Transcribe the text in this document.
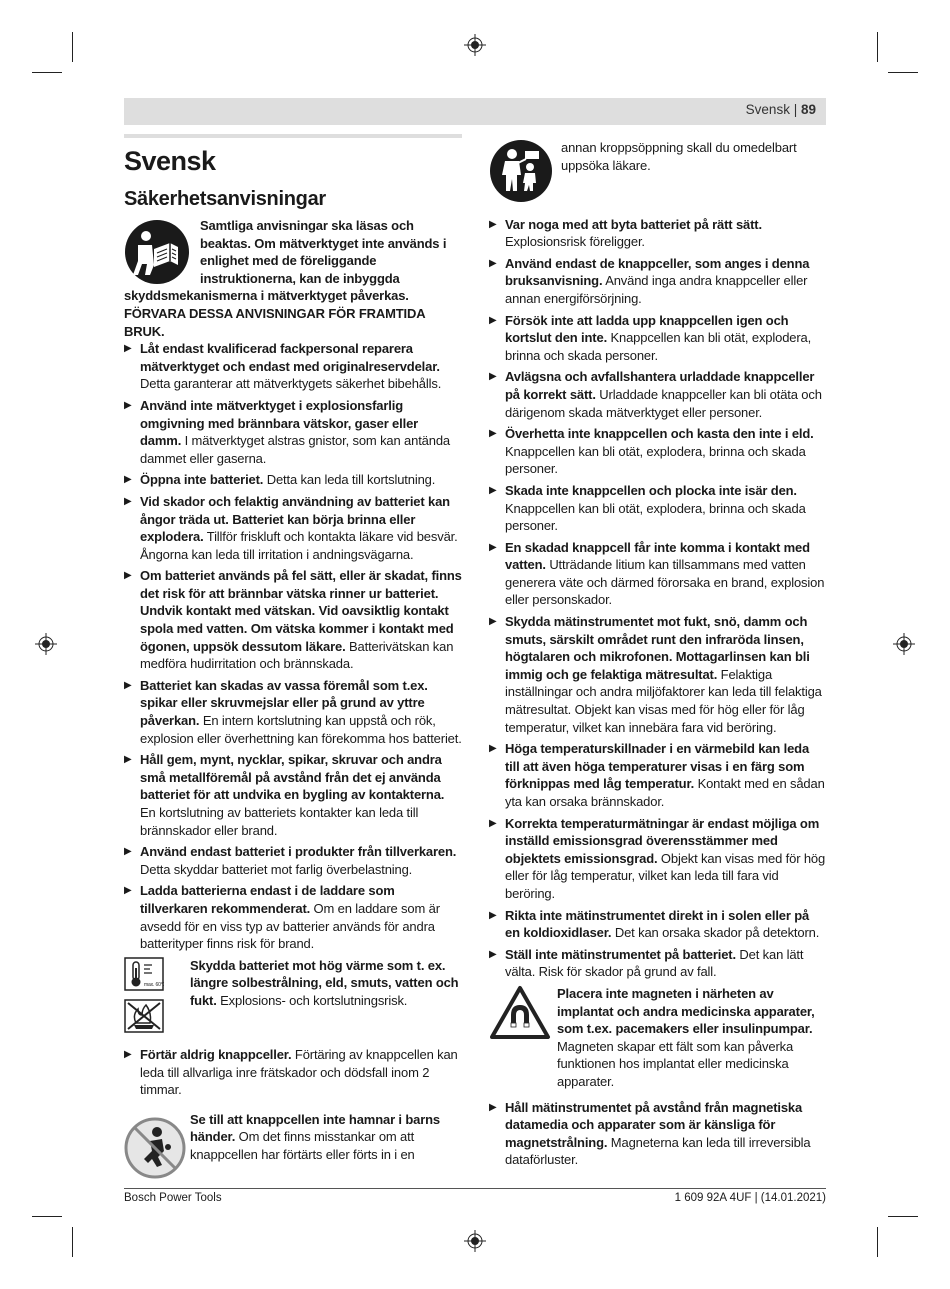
Svensk | 89
Svensk
Säkerhetsanvisningar
Samtliga anvisningar ska läsas och beaktas. Om mätverktyget inte används i enlighet med de föreliggande instruktionerna, kan de inbyggda skyddsmekanismerna i mätverktyget påverkas. FÖRVARA DESSA ANVISNINGAR FÖR FRAMTIDA BRUK.
▶ Låt endast kvalificerad fackpersonal reparera mätverktyget och endast med originalreservdelar. Detta garanterar att mätverktygets säkerhet bibehålls.
▶ Använd inte mätverktyget i explosionsfarlig omgivning med brännbara vätskor, gaser eller damm. I mätverktyget alstras gnistor, som kan antända dammet eller gaserna.
▶ Öppna inte batteriet. Detta kan leda till kortslutning.
▶ Vid skador och felaktig användning av batteriet kan ångor träda ut. Batteriet kan börja brinna eller explodera. Tillför friskluft och kontakta läkare vid besvär. Ångorna kan leda till irritation i andningsvägarna.
▶ Om batteriet används på fel sätt, eller är skadat, finns det risk för att brännbar vätska rinner ur batteriet. Undvik kontakt med vätskan. Vid oavsiktlig kontakt spola med vatten. Om vätska kommer i kontakt med ögonen, uppsök dessutom läkare. Batterivätskan kan medföra hudirritation och brännskada.
▶ Batteriet kan skadas av vassa föremål som t.ex. spikar eller skruvmejslar eller på grund av yttre påverkan. En intern kortslutning kan uppstå och rök, explosion eller överhettning kan förekomma hos batteriet.
▶ Håll gem, mynt, nycklar, spikar, skruvar och andra små metallföremål på avstånd från det ej använda batteriet för att undvika en bygling av kontakterna. En kortslutning av batteriets kontakter kan leda till brännskador eller brand.
▶ Använd endast batteriet i produkter från tillverkaren. Detta skyddar batteriet mot farlig överbelastning.
▶ Ladda batterierna endast i de laddare som tillverkaren rekommenderat. Om en laddare som är avsedd för en viss typ av batterier används för andra batterityper finns risk för brand.
max. 60°C

Skydda batteriet mot hög värme som t. ex. längre solbestrålning, eld, smuts, vatten och fukt. Explosions- och kortslutningsrisk.
▶ Förtär aldrig knappceller. Förtäring av knappcellen kan leda till allvarliga inre frätskador och dödsfall inom 2 timmar.
Se till att knappcellen inte hamnar i barns händer. Om det finns misstankar om att knappcellen har förtärts eller förts in i en
annan kroppsöppning skall du omedelbart uppsöka läkare.
▶ Var noga med att byta batteriet på rätt sätt. Explosionsrisk föreligger.
▶ Använd endast de knappceller, som anges i denna bruksanvisning. Använd inga andra knappceller eller annan energiförsörjning.
▶ Försök inte att ladda upp knappcellen igen och kortslut den inte. Knappcellen kan bli otät, explodera, brinna och skada personer.
▶ Avlägsna och avfallshantera urladdade knappceller på korrekt sätt. Urladdade knappceller kan bli otäta och därigenom skada mätverktyget eller personer.
▶ Överhetta inte knappcellen och kasta den inte i eld. Knappcellen kan bli otät, explodera, brinna och skada personer.
▶ Skada inte knappcellen och plocka inte isär den. Knappcellen kan bli otät, explodera, brinna och skada personer.
▶ En skadad knappcell får inte komma i kontakt med vatten. Utträdande litium kan tillsammans med vatten generera väte och därmed förorsaka en brand, explosion eller personskador.
▶ Skydda mätinstrumentet mot fukt, snö, damm och smuts, särskilt området runt den infraröda linsen, högtalaren och mikrofonen. Mottagarlinsen kan bli immig och ge felaktiga mätresultat. Felaktiga inställningar och andra miljöfaktorer kan leda till felaktiga mätresultat. Objekt kan visas med för hög eller för låg temperatur, vilket kan innebära fara vid beröring.
▶ Höga temperaturskillnader i en värmebild kan leda till att även höga temperaturer visas i en färg som förknippas med låg temperatur. Kontakt med en sådan yta kan orsaka brännskador.
▶ Korrekta temperaturmätningar är endast möjliga om inställd emissionsgrad överensstämmer med objektets emissionsgrad. Objekt kan visas med för hög eller för låg temperatur, vilket kan leda till fara vid beröring.
▶ Rikta inte mätinstrumentet direkt in i solen eller på en koldioxidlaser. Det kan orsaka skador på detektorn.
▶ Ställ inte mätinstrumentet på batteriet. Det kan lätt välta. Risk för skador på grund av fall.
Placera inte magneten i närheten av implantat och andra medicinska apparater, som t.ex. pacemakers eller insulinpumpar. Magneten skapar ett fält som kan påverka funktionen hos implantat eller medicinska apparater.
▶ Håll mätinstrumentet på avstånd från magnetiska datamedia och apparater som är känsliga för magnetstrålning. Magneterna kan leda till irreversibla dataförluster.
Bosch Power Tools	1 609 92A 4UF | (14.01.2021)
